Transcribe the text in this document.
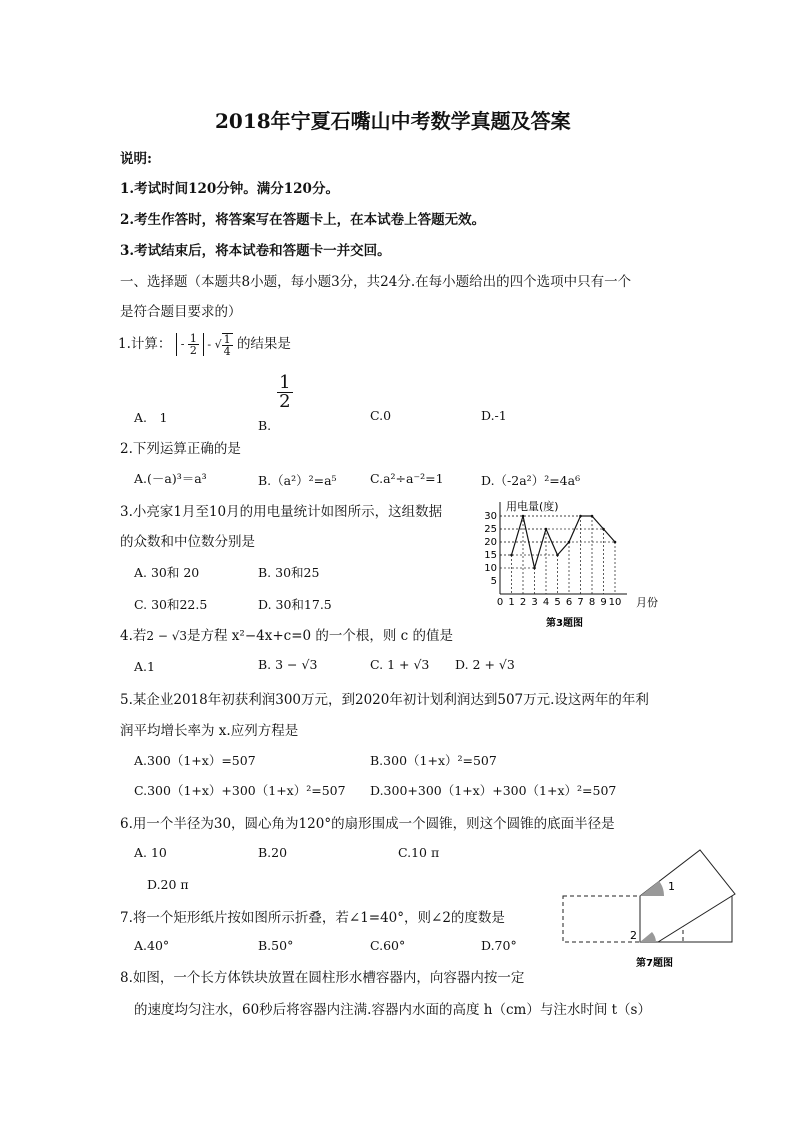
2018年宁夏石嘴山中考数学真题及答案
说明:
1.考试时间120分钟。满分120分。
2.考生作答时，将答案写在答题卡上，在本试卷上答题无效。
3.考试结束后，将本试卷和答题卡一并交回。
一、选择题（本题共8小题，每小题3分，共24分.在每小题给出的四个选项中只有一个
是符合题目要求的）
1.计算： - $\frac{1}{2}$ - √ $\frac{1}{4}$ 的结果是
A.　1
B.
$\frac{1}{2}$
C.0	D.-1
2.下列运算正确的是
A.(－a)³＝a³	B.（a²）²=a⁵	C.a²÷a⁻²=1	D.（-2a²）²=4a⁶
3.小亮家1月至10月的用电量统计如图所示，这组数据
的众数和中位数分别是
A. 30和 20	B. 30和25
C. 30和22.5	D. 30和17.5
30
25
20
15
10
5
0 1 2 3 4 5 6 7 8 9 10
用电量(度)
月份
第3题图
4.若2 − √3是方程 x²−4x+c=0 的一个根，则 c 的值是
A.1	B. 3 − √3	C. 1 + √3 D. 2 + √3
5.某企业2018年初获利润300万元，到2020年初计划利润达到507万元.设这两年的年利
润平均增长率为 x.应列方程是
A.300（1+x）=507	B.300（1+x）²=507
C.300（1+x）+300（1+x）²=507 D.300+300（1+x）+300（1+x）²=507
6.用一个半径为30，圆心角为120°的扇形围成一个圆锥，则这个圆锥的底面半径是
A. 10	B.20	C.10 π
D.20 π
7.将一个矩形纸片按如图所示折叠，若∠1=40°，则∠2的度数是
A.40°	B.50°	C.60°	D.70°
1
2
第7题图
8.如图，一个长方体铁块放置在圆柱形水槽容器内，向容器内按一定
的速度均匀注水，60秒后将容器内注满.容器内水面的高度 h（cm）与注水时间 t（s）
